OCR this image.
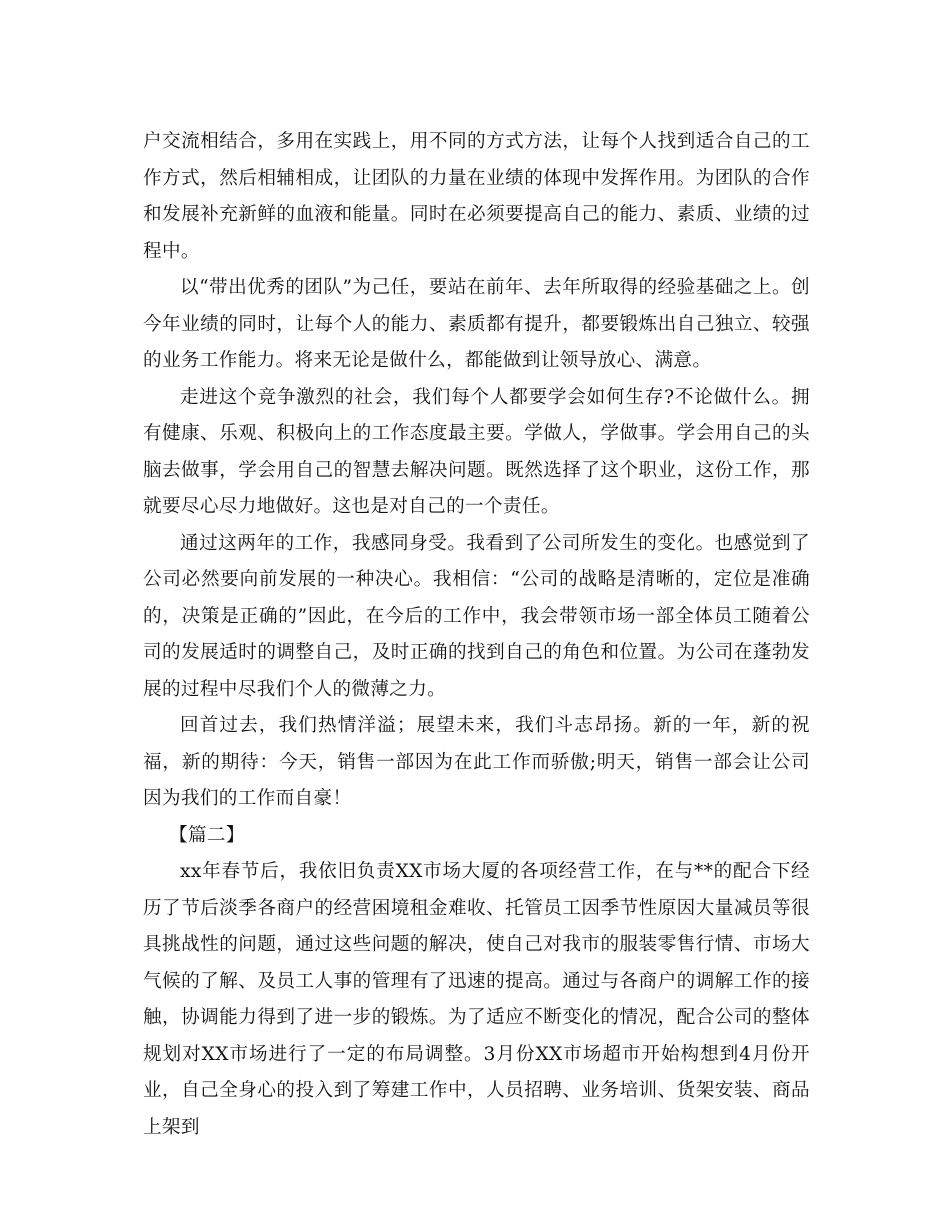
户交流相结合，多用在实践上，用不同的方式方法，让每个人找到适合自己的工作方式，然后相辅相成，让团队的力量在业绩的体现中发挥作用。为团队的合作和发展补充新鲜的血液和能量。同时在必须要提高自己的能力、素质、业绩的过程中。

以“带出优秀的团队”为己任，要站在前年、去年所取得的经验基础之上。创今年业绩的同时，让每个人的能力、素质都有提升，都要锻炼出自己独立、较强的业务工作能力。将来无论是做什么，都能做到让领导放心、满意。

走进这个竞争激烈的社会，我们每个人都要学会如何生存?不论做什么。拥有健康、乐观、积极向上的工作态度最主要。学做人，学做事。学会用自己的头脑去做事，学会用自己的智慧去解决问题。既然选择了这个职业，这份工作，那就要尽心尽力地做好。这也是对自己的一个责任。

通过这两年的工作，我感同身受。我看到了公司所发生的变化。也感觉到了公司必然要向前发展的一种决心。我相信：“公司的战略是清晰的，定位是准确的，决策是正确的”因此，在今后的工作中，我会带领市场一部全体员工随着公司的发展适时的调整自己，及时正确的找到自己的角色和位置。为公司在蓬勃发展的过程中尽我们个人的微薄之力。

回首过去，我们热情洋溢；展望未来，我们斗志昂扬。新的一年，新的祝福，新的期待：今天，销售一部因为在此工作而骄傲;明天，销售一部会让公司因为我们的工作而自豪！

【篇二】

xx年春节后，我依旧负责XX市场大厦的各项经营工作，在与**的配合下经历了节后淡季各商户的经营困境租金难收、托管员工因季节性原因大量减员等很具挑战性的问题，通过这些问题的解决，使自己对我市的服装零售行情、市场大气候的了解、及员工人事的管理有了迅速的提高。通过与各商户的调解工作的接触，协调能力得到了进一步的锻炼。为了适应不断变化的情况，配合公司的整体规划对XX市场进行了一定的布局调整。3月份XX市场超市开始构想到4月份开业，自己全身心的投入到了筹建工作中，人员招聘、业务培训、货架安装、商品上架到
